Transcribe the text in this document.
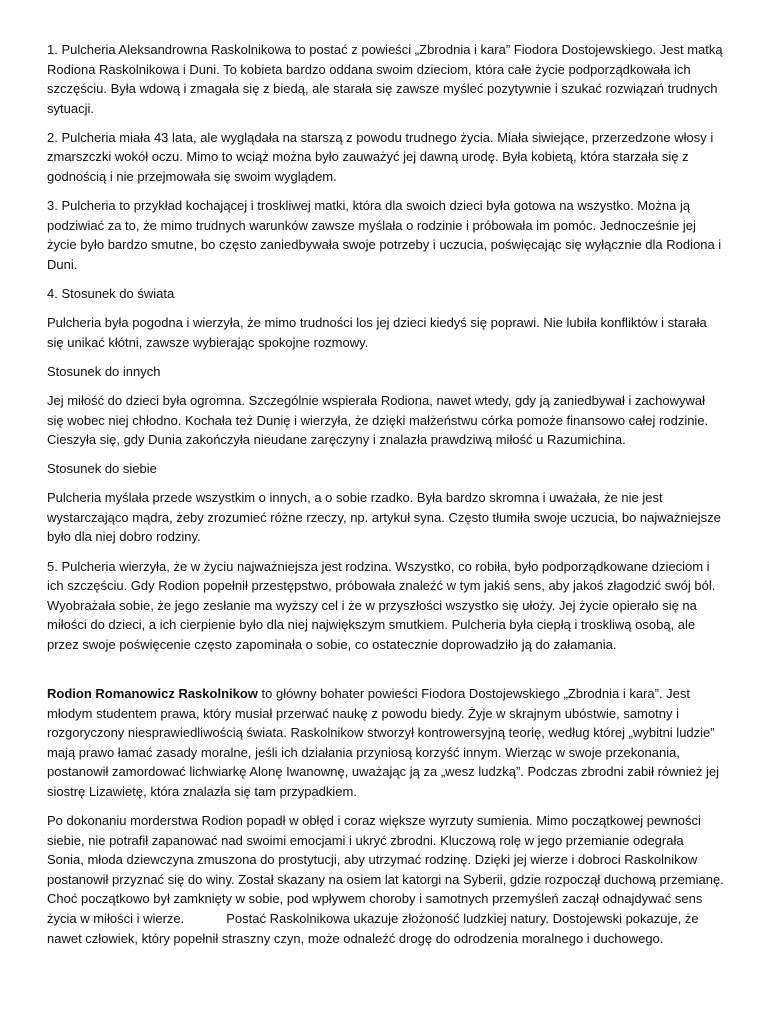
1. Pulcheria Aleksandrowna Raskolnikowa to postać z powieści „Zbrodnia i kara” Fiodora Dostojewskiego. Jest matką Rodiona Raskolnikowa i Duni. To kobieta bardzo oddana swoim dzieciom, która całe życie podporządkowała ich szczęściu. Była wdową i zmagała się z biedą, ale starała się zawsze myśleć pozytywnie i szukać rozwiązań trudnych sytuacji.

2. Pulcheria miała 43 lata, ale wyglądała na starszą z powodu trudnego życia. Miała siwiejące, przerzedzone włosy i zmarszczki wokół oczu. Mimo to wciąż można było zauważyć jej dawną urodę. Była kobietą, która starzała się z godnością i nie przejmowała się swoim wyglądem.

3. Pulcheria to przykład kochającej i troskliwej matki, która dla swoich dzieci była gotowa na wszystko. Można ją podziwiać za to, że mimo trudnych warunków zawsze myślała o rodzinie i próbowała im pomóc. Jednocześnie jej życie było bardzo smutne, bo często zaniedbywała swoje potrzeby i uczucia, poświęcając się wyłącznie dla Rodiona i Duni.

4. Stosunek do świata

Pulcheria była pogodna i wierzyła, że mimo trudności los jej dzieci kiedyś się poprawi. Nie lubiła konfliktów i starała się unikać kłótni, zawsze wybierając spokojne rozmowy.

Stosunek do innych

Jej miłość do dzieci była ogromna. Szczególnie wspierała Rodiona, nawet wtedy, gdy ją zaniedbywał i zachowywał się wobec niej chłodno. Kochała też Dunię i wierzyła, że dzięki małżeństwu córka pomoże finansowo całej rodzinie. Cieszyła się, gdy Dunia zakończyła nieudane zaręczyny i znalazła prawdziwą miłość u Razumichina.

Stosunek do siebie

Pulcheria myślała przede wszystkim o innych, a o sobie rzadko. Była bardzo skromna i uważała, że nie jest wystarczająco mądra, żeby zrozumieć różne rzeczy, np. artykuł syna. Często tłumiła swoje uczucia, bo najważniejsze było dla niej dobro rodziny.

5. Pulcheria wierzyła, że w życiu najważniejsza jest rodzina. Wszystko, co robiła, było podporządkowane dzieciom i ich szczęściu. Gdy Rodion popełnił przestępstwo, próbowała znaleźć w tym jakiś sens, aby jakoś złagodzić swój ból. Wyobrażała sobie, że jego zesłanie ma wyższy cel i że w przyszłości wszystko się ułoży. Jej życie opierało się na miłości do dzieci, a ich cierpienie było dla niej największym smutkiem. Pulcheria była ciepłą i troskliwą osobą, ale przez swoje poświęcenie często zapominała o sobie, co ostatecznie doprowadziło ją do załamania.

Rodion Romanowicz Raskolnikow to główny bohater powieści Fiodora Dostojewskiego „Zbrodnia i kara”. Jest młodym studentem prawa, który musiał przerwać naukę z powodu biedy. Żyje w skrajnym ubóstwie, samotny i rozgoryczony niesprawiedliwością świata. Raskolnikow stworzył kontrowersyjną teorię, według której „wybitni ludzie” mają prawo łamać zasady moralne, jeśli ich działania przyniosą korzyść innym. Wierząc w swoje przekonania, postanowił zamordować lichwiarkę Alonę Iwanownę, uważając ją za „wesz ludzką”. Podczas zbrodni zabił również jej siostrę Lizawietę, która znalazła się tam przypadkiem.

Po dokonaniu morderstwa Rodion popadł w obłęd i coraz większe wyrzuty sumienia. Mimo początkowej pewności siebie, nie potrafił zapanować nad swoimi emocjami i ukryć zbrodni. Kluczową rolę w jego przemianie odegrała Sonia, młoda dziewczyna zmuszona do prostytucji, aby utrzymać rodzinę. Dzięki jej wierze i dobroci Raskolnikow postanowił przyznać się do winy. Został skazany na osiem lat katorgi na Syberii, gdzie rozpoczął duchową przemianę. Choć początkowo był zamknięty w sobie, pod wpływem choroby i samotnych przemyśleń zaczął odnajdywać sens życia w miłości i wierze.	Postać Raskolnikowa ukazuje złożoność ludzkiej natury. Dostojewski pokazuje, że nawet człowiek, który popełnił straszny czyn, może odnaleźć drogę do odrodzenia moralnego i duchowego.
